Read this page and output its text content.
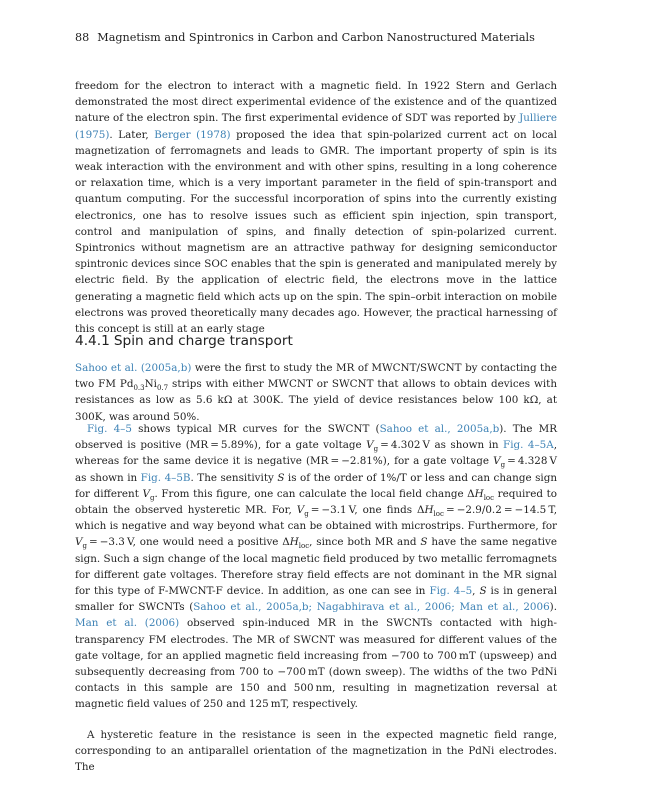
88 Magnetism and Spintronics in Carbon and Carbon Nanostructured Materials

freedom for the electron to interact with a magnetic field. In 1922 Stern and Gerlach demonstrated the most direct experimental evidence of the existence and of the quantized nature of the electron spin. The first experimental evidence of SDT was reported by Julliere (1975). Later, Berger (1978) proposed the idea that spin-polarized current act on local magnetization of ferromagnets and leads to GMR. The important property of spin is its weak interaction with the environment and with other spins, resulting in a long coherence or relaxation time, which is a very important parameter in the field of spin-transport and quantum computing. For the successful incorporation of spins into the currently existing electronics, one has to resolve issues such as efficient spin injection, spin transport, control and manipulation of spins, and finally detection of spin-polarized current. Spintronics without magnetism are an attractive pathway for designing semiconductor spintronic devices since SOC enables that the spin is generated and manipulated merely by electric field. By the application of electric field, the electrons move in the lattice generating a magnetic field which acts up on the spin. The spin–orbit interaction on mobile electrons was proved theoretically many decades ago. However, the practical harnessing of this concept is still at an early stage

4.4.1 Spin and charge transport

Sahoo et al. (2005a,b) were the first to study the MR of MWCNT/SWCNT by contacting the two FM $Pd_{0.3}Ni_{0.7}$ strips with either MWCNT or SWCNT that allows to obtain devices with resistances as low as 5.6 kΩ at 300K. The yield of device resistances below 100 kΩ, at 300K, was around 50%.

Fig. 4–5 shows typical MR curves for the SWCNT (Sahoo et al., 2005a,b). The MR observed is positive (MR = 5.89%), for a gate voltage $V_g = 4.302$ V as shown in Fig. 4–5A, whereas for the same device it is negative (MR = −2.81%), for a gate voltage $V_g = 4.328$ V as shown in Fig. 4–5B. The sensitivity S is of the order of 1%/T or less and can change sign for different $V_g$. From this figure, one can calculate the local field change $\Delta H_{loc}$ required to obtain the observed hysteretic MR. For, $V_g = -3.1$ V, one finds $\Delta H_{loc} = -2.9/0.2 = -14.5$ T, which is negative and way beyond what can be obtained with microstrips. Furthermore, for $V_g = -3.3$ V, one would need a positive $\Delta H_{loc}$, since both MR and S have the same negative sign. Such a sign change of the local magnetic field produced by two metallic ferromagnets for different gate voltages. Therefore stray field effects are not dominant in the MR signal for this type of F-MWCNT-F device. In addition, as one can see in Fig. 4–5, S is in general smaller for SWCNTs (Sahoo et al., 2005a,b; Nagabhirava et al., 2006; Man et al., 2006). Man et al. (2006) observed spin-induced MR in the SWCNTs contacted with high-transparency FM electrodes. The MR of SWCNT was measured for different values of the gate voltage, for an applied magnetic field increasing from −700 to 700 mT (upsweep) and subsequently decreasing from 700 to −700 mT (down sweep). The widths of the two PdNi contacts in this sample are 150 and 500 nm, resulting in magnetization reversal at magnetic field values of 250 and 125 mT, respectively.

A hysteretic feature in the resistance is seen in the expected magnetic field range, corresponding to an antiparallel orientation of the magnetization in the PdNi electrodes. The
